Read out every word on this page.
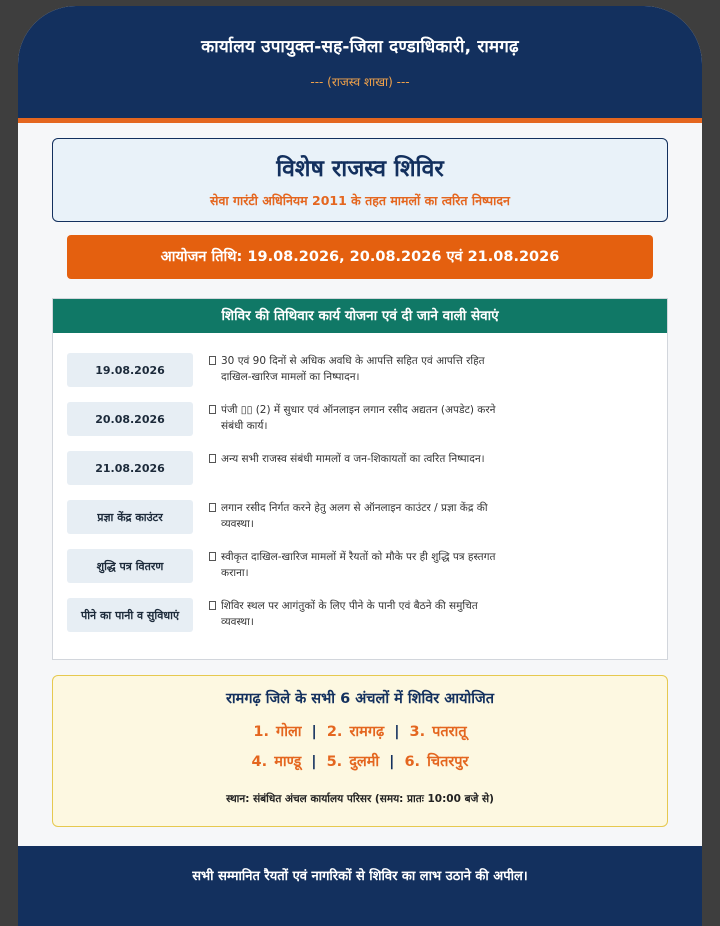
कार्यालय उपायुक्त-सह-जिला दण्डाधिकारी, रामगढ़
--- (राजस्व शाखा) ---
विशेष राजस्व शिविर
सेवा गारंटी अधिनियम 2011 के तहत मामलों का त्वरित निष्पादन
आयोजन तिथि: 19.08.2026, 20.08.2026 एवं 21.08.2026
शिविर की तिथिवार कार्य योजना एवं दी जाने वाली सेवाएं
19.08.2026
30 एवं 90 दिनों से अधिक अवधि के आपत्ति सहित एवं आपत्ति रहित दाखिल-खारिज मामलों का निष्पादन।
20.08.2026
पंजी ▯▯ (2) में सुधार एवं ऑनलाइन लगान रसीद अद्यतन (अपडेट) करने संबंधी कार्य।
21.08.2026
अन्य सभी राजस्व संबंधी मामलों व जन-शिकायतों का त्वरित निष्पादन।
प्रज्ञा केंद्र काउंटर
लगान रसीद निर्गत करने हेतु अलग से ऑनलाइन काउंटर / प्रज्ञा केंद्र की व्यवस्था।
शुद्धि पत्र वितरण
स्वीकृत दाखिल-खारिज मामलों में रैयतों को मौके पर ही शुद्धि पत्र हस्तगत कराना।
पीने का पानी व सुविधाएं
शिविर स्थल पर आगंतुकों के लिए पीने के पानी एवं बैठने की समुचित व्यवस्था।
रामगढ़ जिले के सभी 6 अंचलों में शिविर आयोजित
1. गोला | 2. रामगढ़ | 3. पतरातू
4. माण्डू | 5. दुलमी | 6. चितरपुर
स्थान: संबंधित अंचल कार्यालय परिसर (समय: प्रातः 10:00 बजे से)
सभी सम्मानित रैयतों एवं नागरिकों से शिविर का लाभ उठाने की अपील।
